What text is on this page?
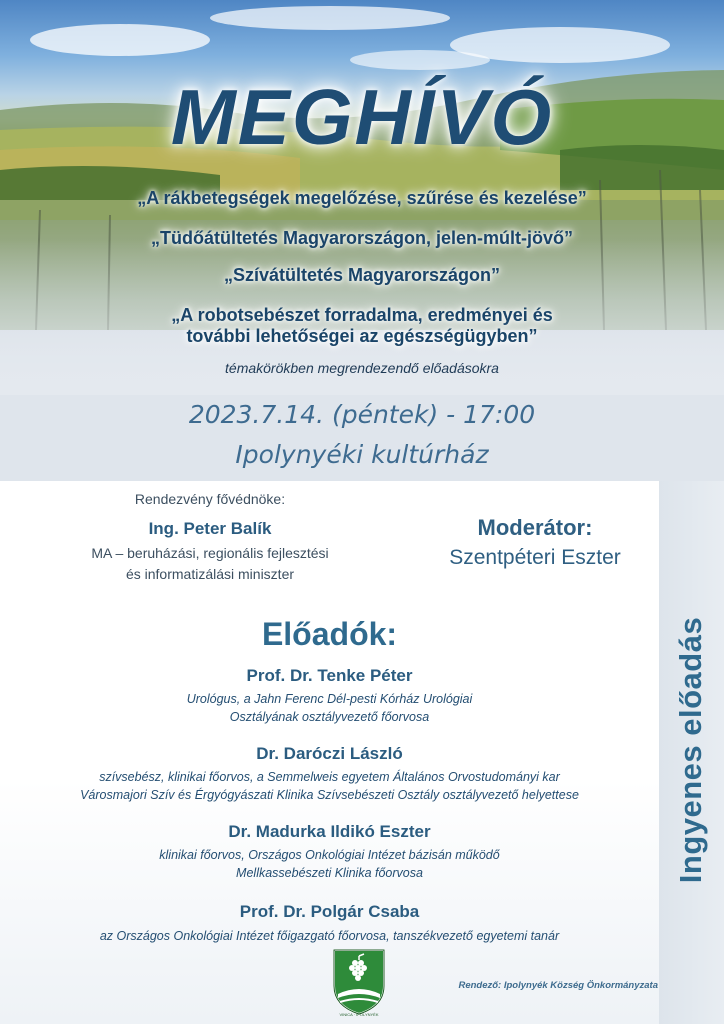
MEGHÍVÓ
„A rákbetegségek megelőzése, szűrése és kezelése”
„Tüdőátültetés Magyarországon, jelen-múlt-jövő”
„Szívátültetés Magyarországon”
„A robotsebészet forradalma, eredményei és
további lehetőségei az egészségügyben”
témakörökben megrendezendő előadásokra
2023.7.14. (péntek) - 17:00
Ipolynyéki kultúrház
Ingyenes előadás
Rendezvény fővédnöke:
Ing. Peter Balík
MA – beruházási, regionális fejlesztési
és informatizálási miniszter
Moderátor:
Szentpéteri Eszter
Előadók:
Prof. Dr. Tenke Péter
Urológus, a Jahn Ferenc Dél-pesti Kórház Urológiai
Osztályának osztályvezető főorvosa
Dr. Daróczi László
szívsebész, klinikai főorvos, a Semmelweis egyetem Általános Orvostudományi kar
Városmajori Szív és Érgyógyászati Klinika Szívsebészeti Osztály osztályvezető helyettese
Dr. Madurka Ildikó Eszter
klinikai főorvos, Országos Onkológiai Intézet bázisán működő
Mellkassebészeti Klinika főorvosa
Prof. Dr. Polgár Csaba
az Országos Onkológiai Intézet főigazgató főorvosa, tanszékvezető egyetemi tanár
VINICA · IPOLYNYÉK
Rendező: Ipolynyék Község Önkormányzata
